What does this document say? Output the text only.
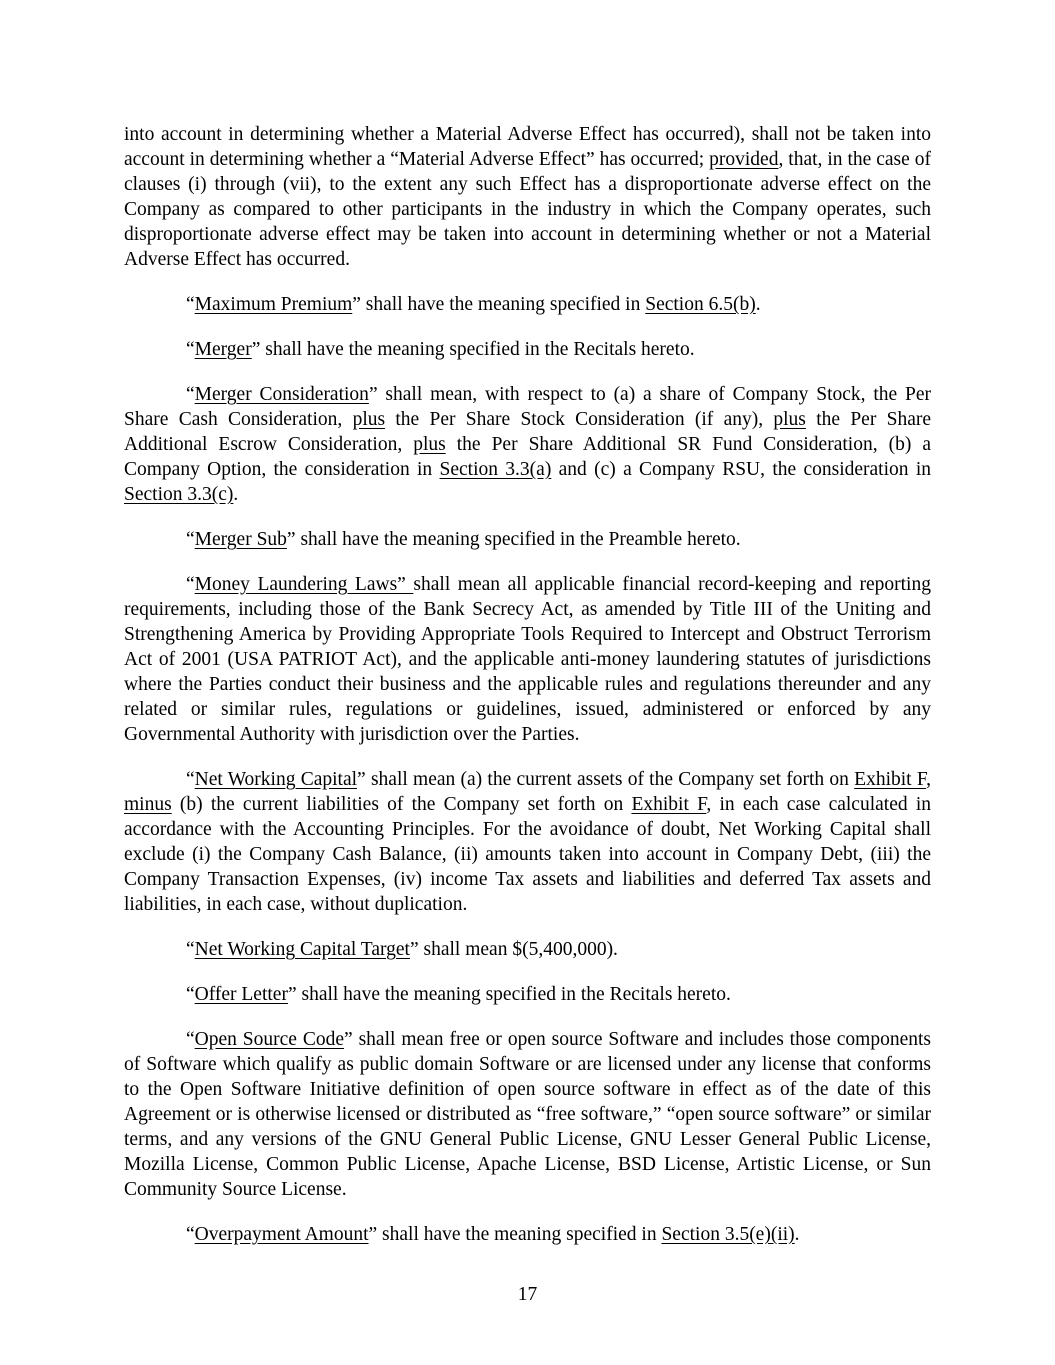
into account in determining whether a Material Adverse Effect has occurred), shall not be taken into account in determining whether a “Material Adverse Effect” has occurred; provided, that, in the case of clauses (i) through (vii), to the extent any such Effect has a disproportionate adverse effect on the Company as compared to other participants in the industry in which the Company operates, such disproportionate adverse effect may be taken into account in determining whether or not a Material Adverse Effect has occurred.

“Maximum Premium” shall have the meaning specified in Section 6.5(b).

“Merger” shall have the meaning specified in the Recitals hereto.

“Merger Consideration” shall mean, with respect to (a) a share of Company Stock, the Per Share Cash Consideration, plus the Per Share Stock Consideration (if any), plus the Per Share Additional Escrow Consideration, plus the Per Share Additional SR Fund Consideration, (b) a Company Option, the consideration in Section 3.3(a) and (c) a Company RSU, the consideration in Section 3.3(c).

“Merger Sub” shall have the meaning specified in the Preamble hereto.

“Money Laundering Laws” shall mean all applicable financial record-keeping and reporting requirements, including those of the Bank Secrecy Act, as amended by Title III of the Uniting and Strengthening America by Providing Appropriate Tools Required to Intercept and Obstruct Terrorism Act of 2001 (USA PATRIOT Act), and the applicable anti-money laundering statutes of jurisdictions where the Parties conduct their business and the applicable rules and regulations thereunder and any related or similar rules, regulations or guidelines, issued, administered or enforced by any Governmental Authority with jurisdiction over the Parties.

“Net Working Capital” shall mean (a) the current assets of the Company set forth on Exhibit F, minus (b) the current liabilities of the Company set forth on Exhibit F, in each case calculated in accordance with the Accounting Principles. For the avoidance of doubt, Net Working Capital shall exclude (i) the Company Cash Balance, (ii) amounts taken into account in Company Debt, (iii) the Company Transaction Expenses, (iv) income Tax assets and liabilities and deferred Tax assets and liabilities, in each case, without duplication.

“Net Working Capital Target” shall mean $(5,400,000).

“Offer Letter” shall have the meaning specified in the Recitals hereto.

“Open Source Code” shall mean free or open source Software and includes those components of Software which qualify as public domain Software or are licensed under any license that conforms to the Open Software Initiative definition of open source software in effect as of the date of this Agreement or is otherwise licensed or distributed as “free software,” “open source software” or similar terms, and any versions of the GNU General Public License, GNU Lesser General Public License, Mozilla License, Common Public License, Apache License, BSD License, Artistic License, or Sun Community Source License.

“Overpayment Amount” shall have the meaning specified in Section 3.5(e)(ii).

17
